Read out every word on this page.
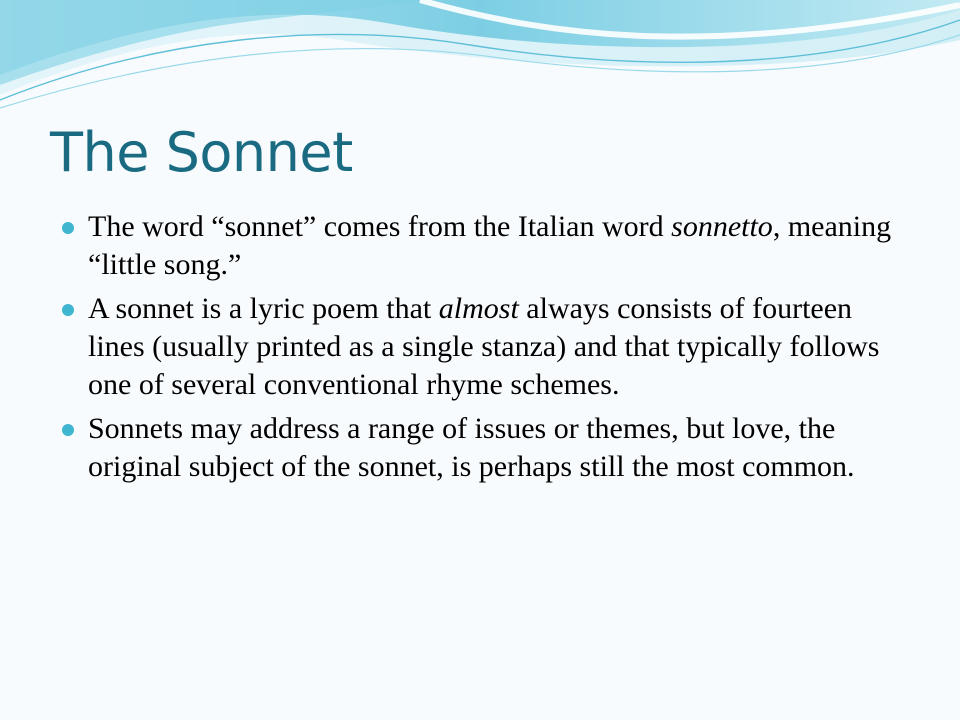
The Sonnet
The word “sonnet” comes from the Italian word sonnetto, meaning “little song.”
A sonnet is a lyric poem that almost always consists of fourteen lines (usually printed as a single stanza) and that typically follows one of several conventional rhyme schemes.
Sonnets may address a range of issues or themes, but love, the original subject of the sonnet, is perhaps still the most common.
